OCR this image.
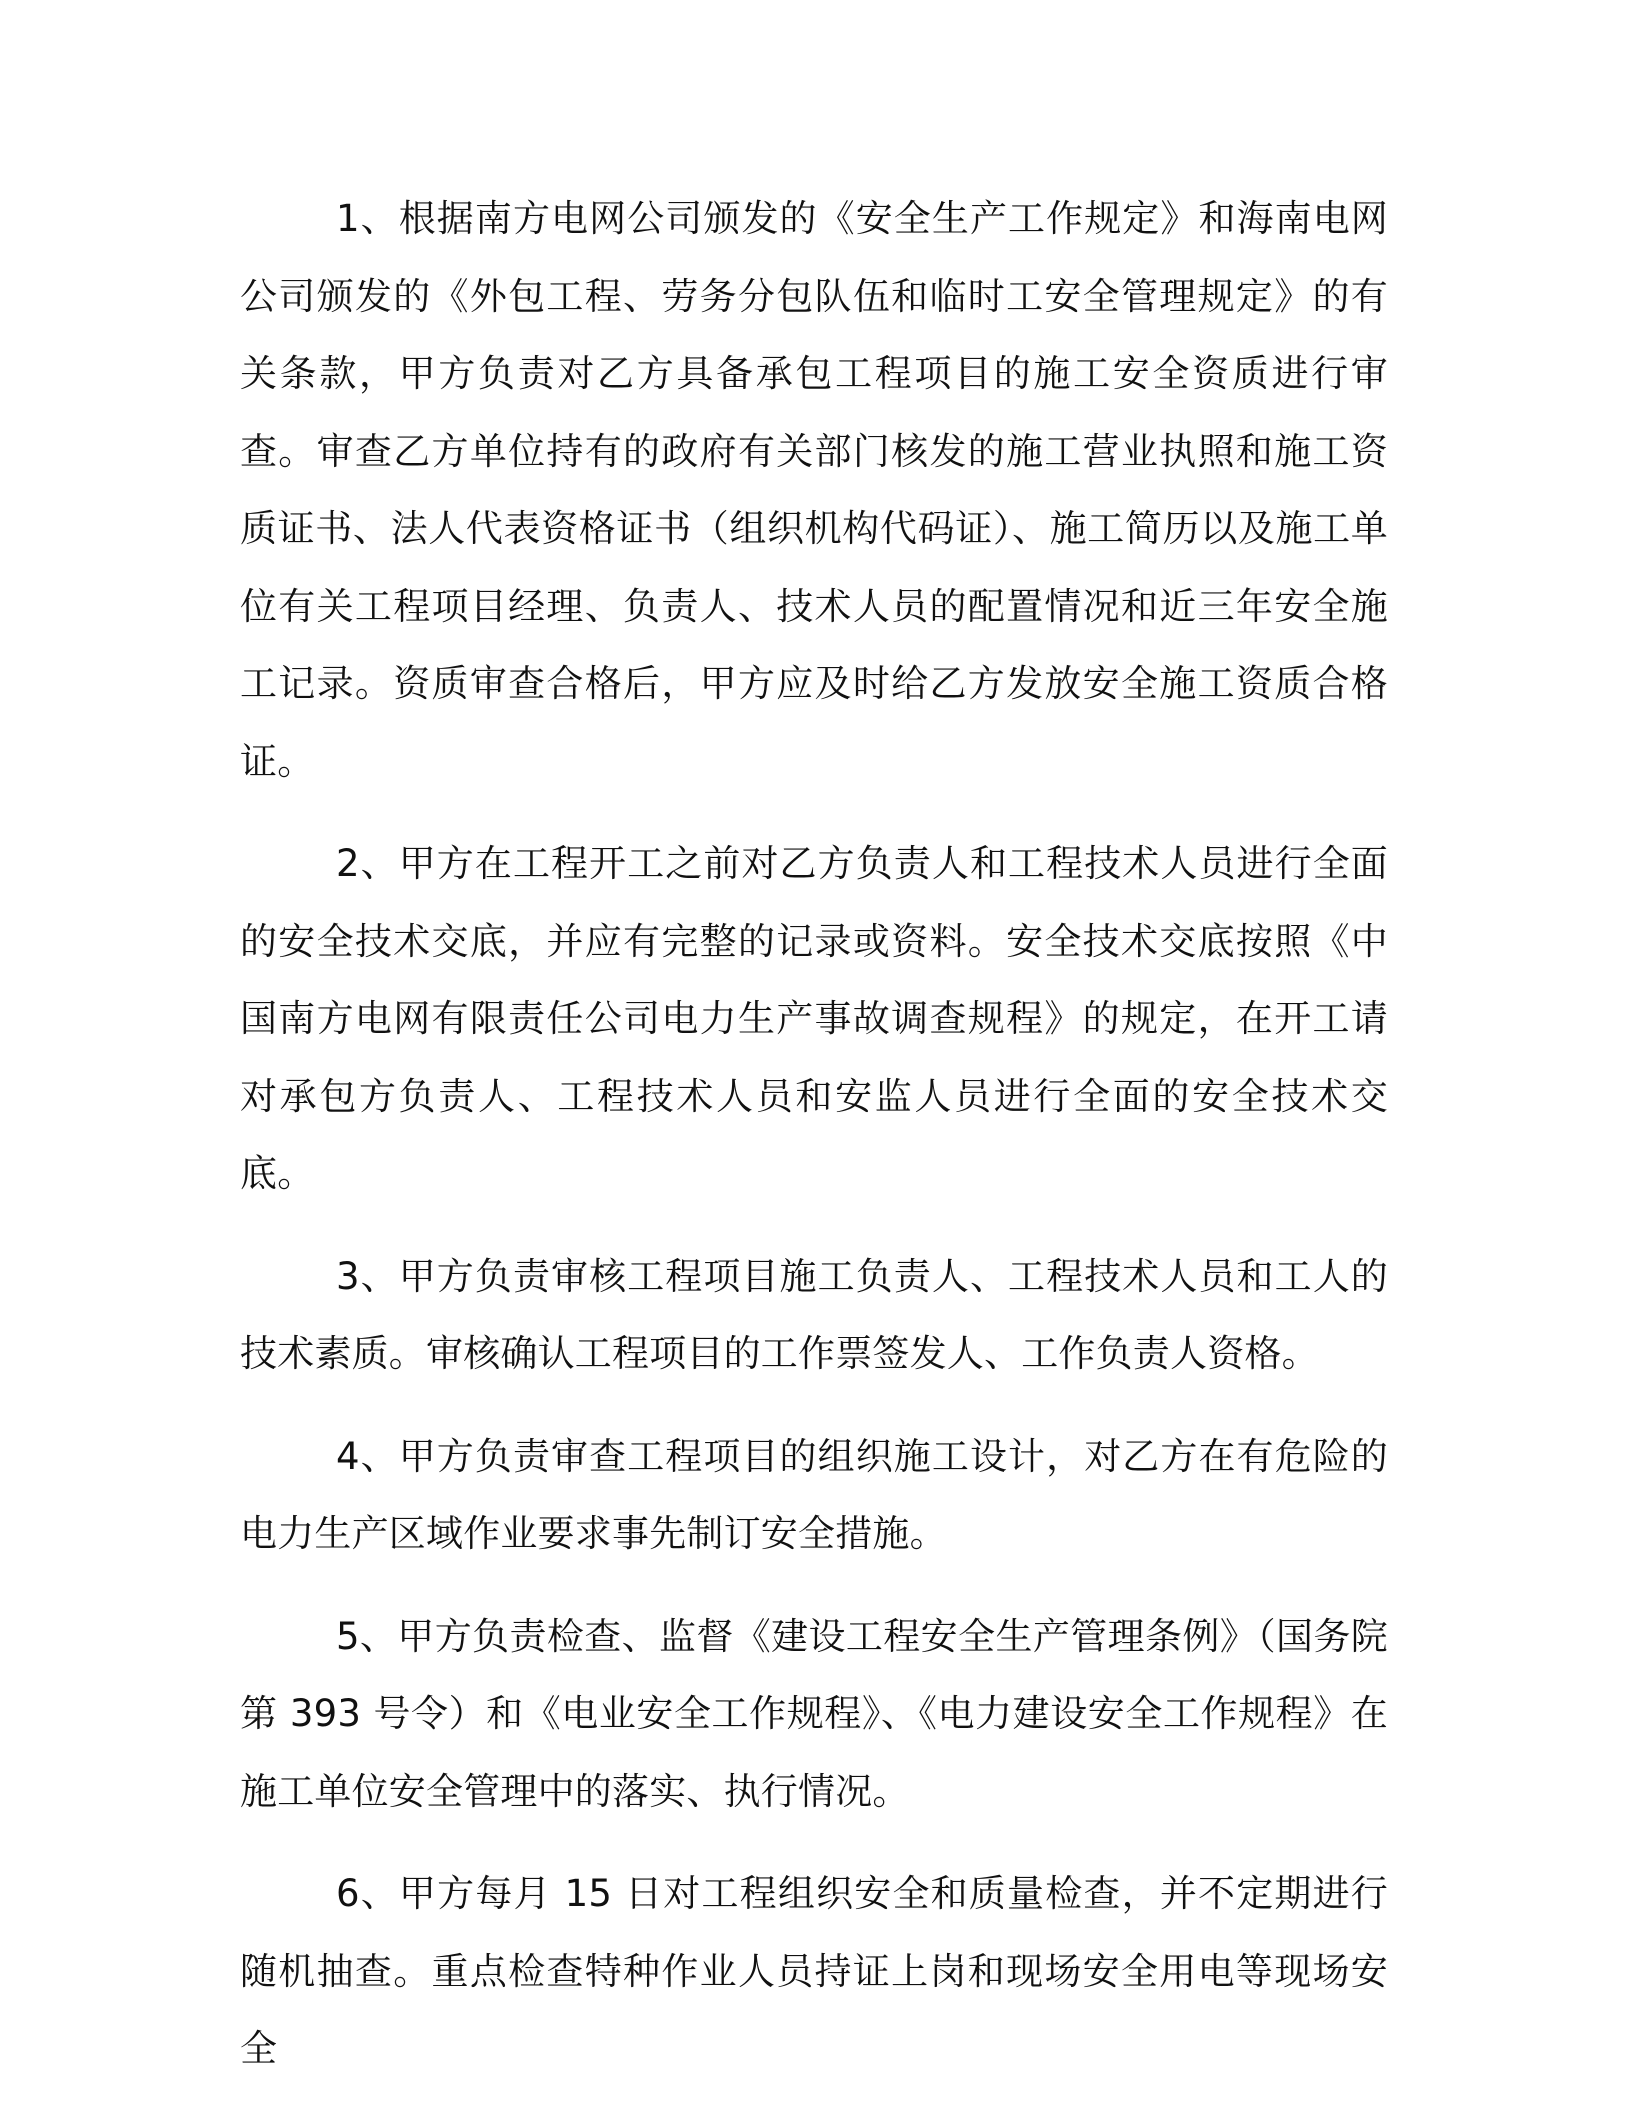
1、根据南方电网公司颁发的《安全生产工作规定》和海南电网公司颁发的《外包工程、劳务分包队伍和临时工安全管理规定》的有关条款，甲方负责对乙方具备承包工程项目的施工安全资质进行审查。审查乙方单位持有的政府有关部门核发的施工营业执照和施工资质证书、法人代表资格证书（组织机构代码证）、施工简历以及施工单位有关工程项目经理、负责人、技术人员的配置情况和近三年安全施工记录。资质审查合格后，甲方应及时给乙方发放安全施工资质合格证。

2、甲方在工程开工之前对乙方负责人和工程技术人员进行全面的安全技术交底，并应有完整的记录或资料。安全技术交底按照《中国南方电网有限责任公司电力生产事故调查规程》的规定，在开工请对承包方负责人、工程技术人员和安监人员进行全面的安全技术交底。

3、甲方负责审核工程项目施工负责人、工程技术人员和工人的技术素质。审核确认工程项目的工作票签发人、工作负责人资格。

4、甲方负责审查工程项目的组织施工设计，对乙方在有危险的电力生产区域作业要求事先制订安全措施。

5、甲方负责检查、监督《建设工程安全生产管理条例》（国务院第 393 号令）和《电业安全工作规程》、《电力建设安全工作规程》在施工单位安全管理中的落实、执行情况。

6、甲方每月 15 日对工程组织安全和质量检查，并不定期进行随机抽查。重点检查特种作业人员持证上岗和现场安全用电等现场安全
